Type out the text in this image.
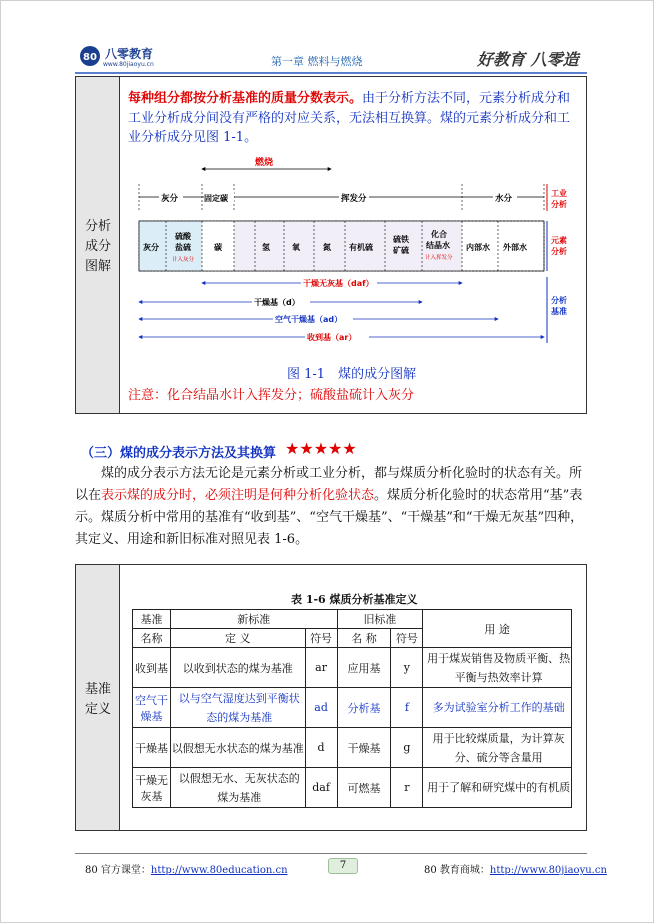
80 八零教育
www.80jiaoyu.cn	第一章 燃料与燃烧	好教育 八零造
分析
成分
图解
每种组分都按分析基准的质量分数表示。由于分析方法不同，元素分析成分和工业分析成分间没有严格的对应关系，无法相互换算。煤的元素分析成分和工业分析成分见图 1-1。
燃烧
灰分	固定碳	挥发分	水分
灰分
硫酸
盐硫
计入灰分
碳	氢	氧	氮 有机硫
硫铁
矿硫
化合
结晶水
计入挥发分
内部水 外部水
干燥无灰基（daf）
干燥基（d）
空气干燥基（ad）
收到基（ar）
工业
分析
元素
分析
分析
基准
图 1-1　煤的成分图解
注意：化合结晶水计入挥发分；硫酸盐硫计入灰分
（三）煤的成分表示方法及其换算 ★★★★★
煤的成分表示方法无论是元素分析或工业分析，都与煤质分析化验时的状态有关。所以在表示煤的成分时，必须注明是何种分析化验状态。煤质分析化验时的状态常用“基”表示。煤质分析中常用的基准有“收到基”、“空气干燥基”、“干燥基”和“干燥无灰基”四种，其定义、用途和新旧标准对照见表 1-6。
基准
定义
表 1-6 煤质分析基准定义
基准	新标准		旧标准		用 途
名称	定 义	符号	名 称	符号	
收到基	以收到状态的煤为基准	ar	应用基	y	用于煤炭销售及物质平衡、热平衡与热效率计算
空气干燥基	以与空气湿度达到平衡状态的煤为基准	ad	分析基	f	多为试验室分析工作的基础
干燥基	以假想无水状态的煤为基准	d	干燥基	g	用于比较煤质量，为计算灰分、硫分等含量用
干燥无灰基	以假想无水、无灰状态的煤为基准	daf	可燃基	r	用于了解和研究煤中的有机质
80 官方课堂：http://www.80education.cn	7	80 教育商城：http://www.80jiaoyu.cn
